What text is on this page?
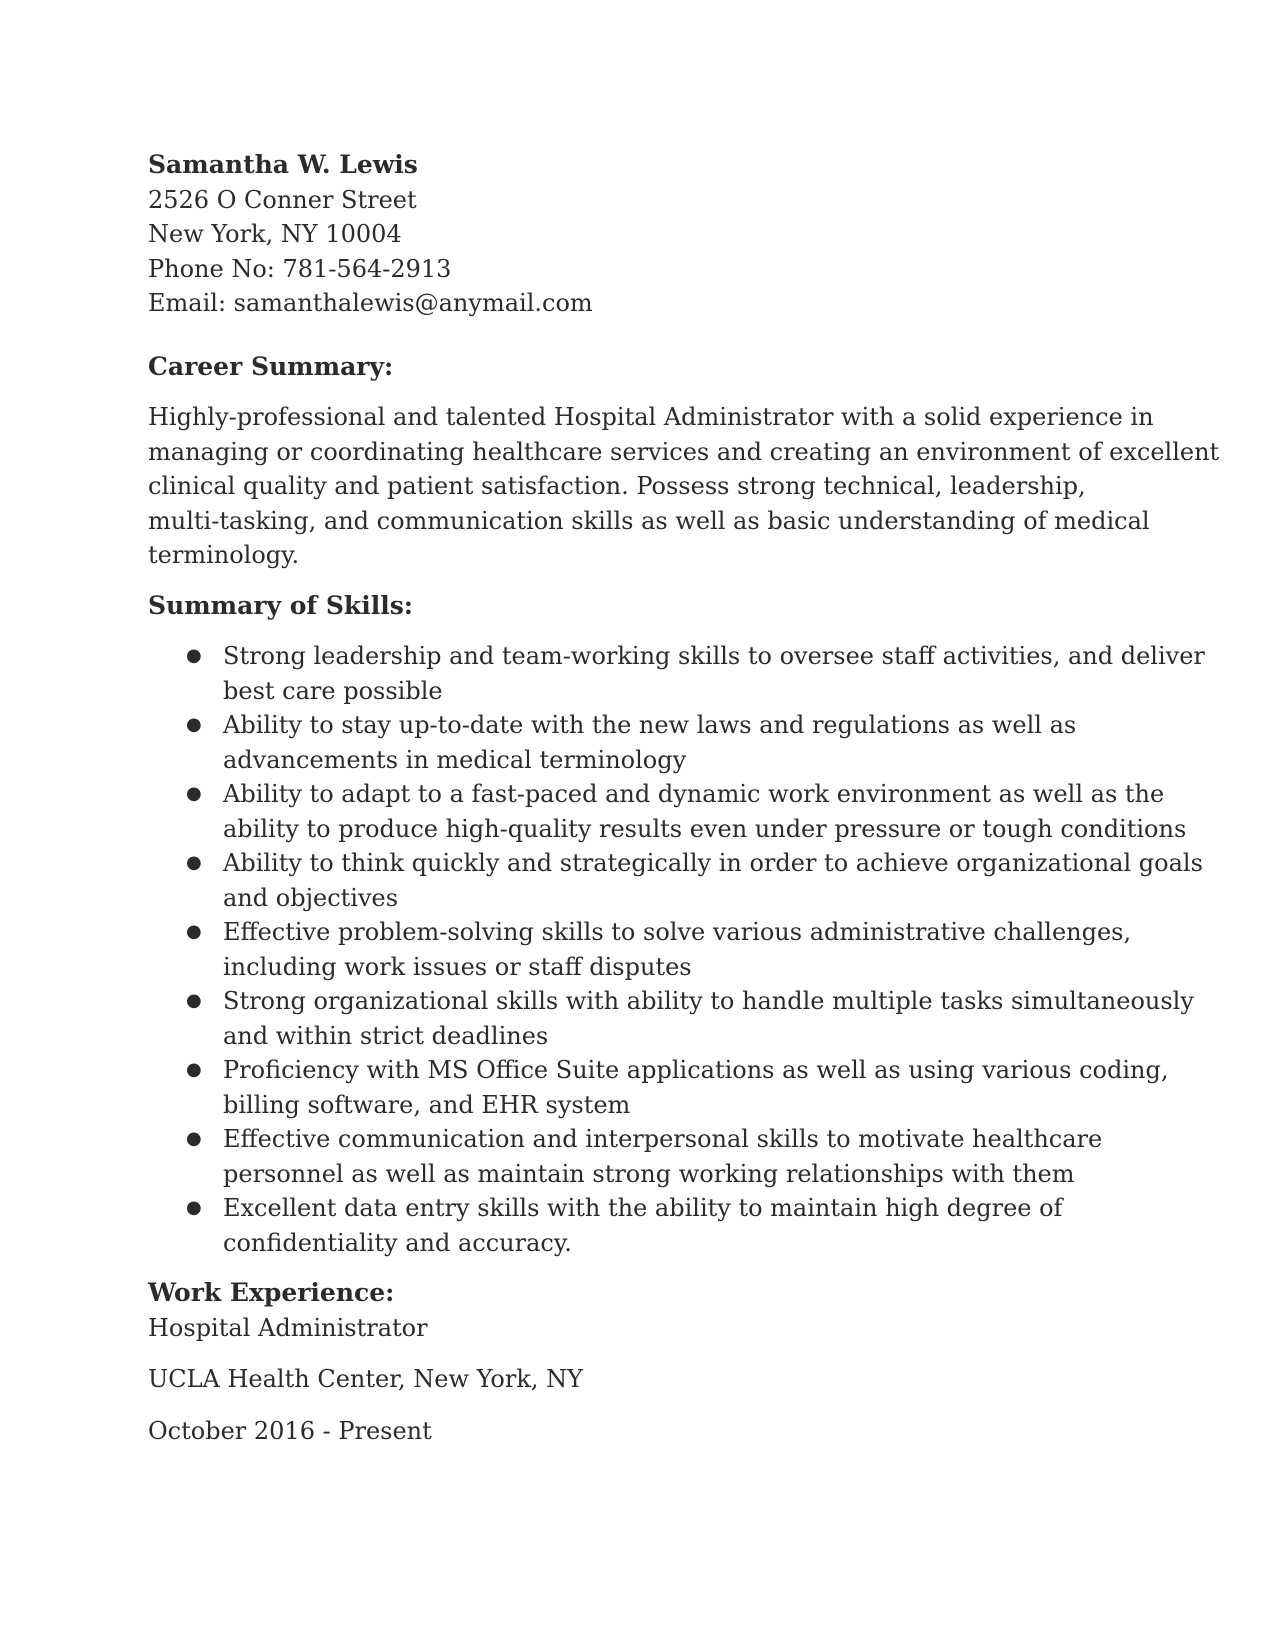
Samantha W. Lewis
2526 O Conner Street
New York, NY 10004
Phone No: 781-564-2913
Email: samanthalewis@anymail.com
Career Summary:
Highly-professional and talented Hospital Administrator with a solid experience in
managing or coordinating healthcare services and creating an environment of excellent
clinical quality and patient satisfaction. Possess strong technical, leadership,
multi-tasking, and communication skills as well as basic understanding of medical
terminology.
Summary of Skills:
● Strong leadership and team-working skills to oversee staff activities, and deliver
best care possible
● Ability to stay up-to-date with the new laws and regulations as well as
advancements in medical terminology
● Ability to adapt to a fast-paced and dynamic work environment as well as the
ability to produce high-quality results even under pressure or tough conditions
● Ability to think quickly and strategically in order to achieve organizational goals
and objectives
● Effective problem-solving skills to solve various administrative challenges,
including work issues or staff disputes
● Strong organizational skills with ability to handle multiple tasks simultaneously
and within strict deadlines
● Proficiency with MS Office Suite applications as well as using various coding,
billing software, and EHR system
● Effective communication and interpersonal skills to motivate healthcare
personnel as well as maintain strong working relationships with them
● Excellent data entry skills with the ability to maintain high degree of
confidentiality and accuracy.
Work Experience:
Hospital Administrator
UCLA Health Center, New York, NY
October 2016 - Present
